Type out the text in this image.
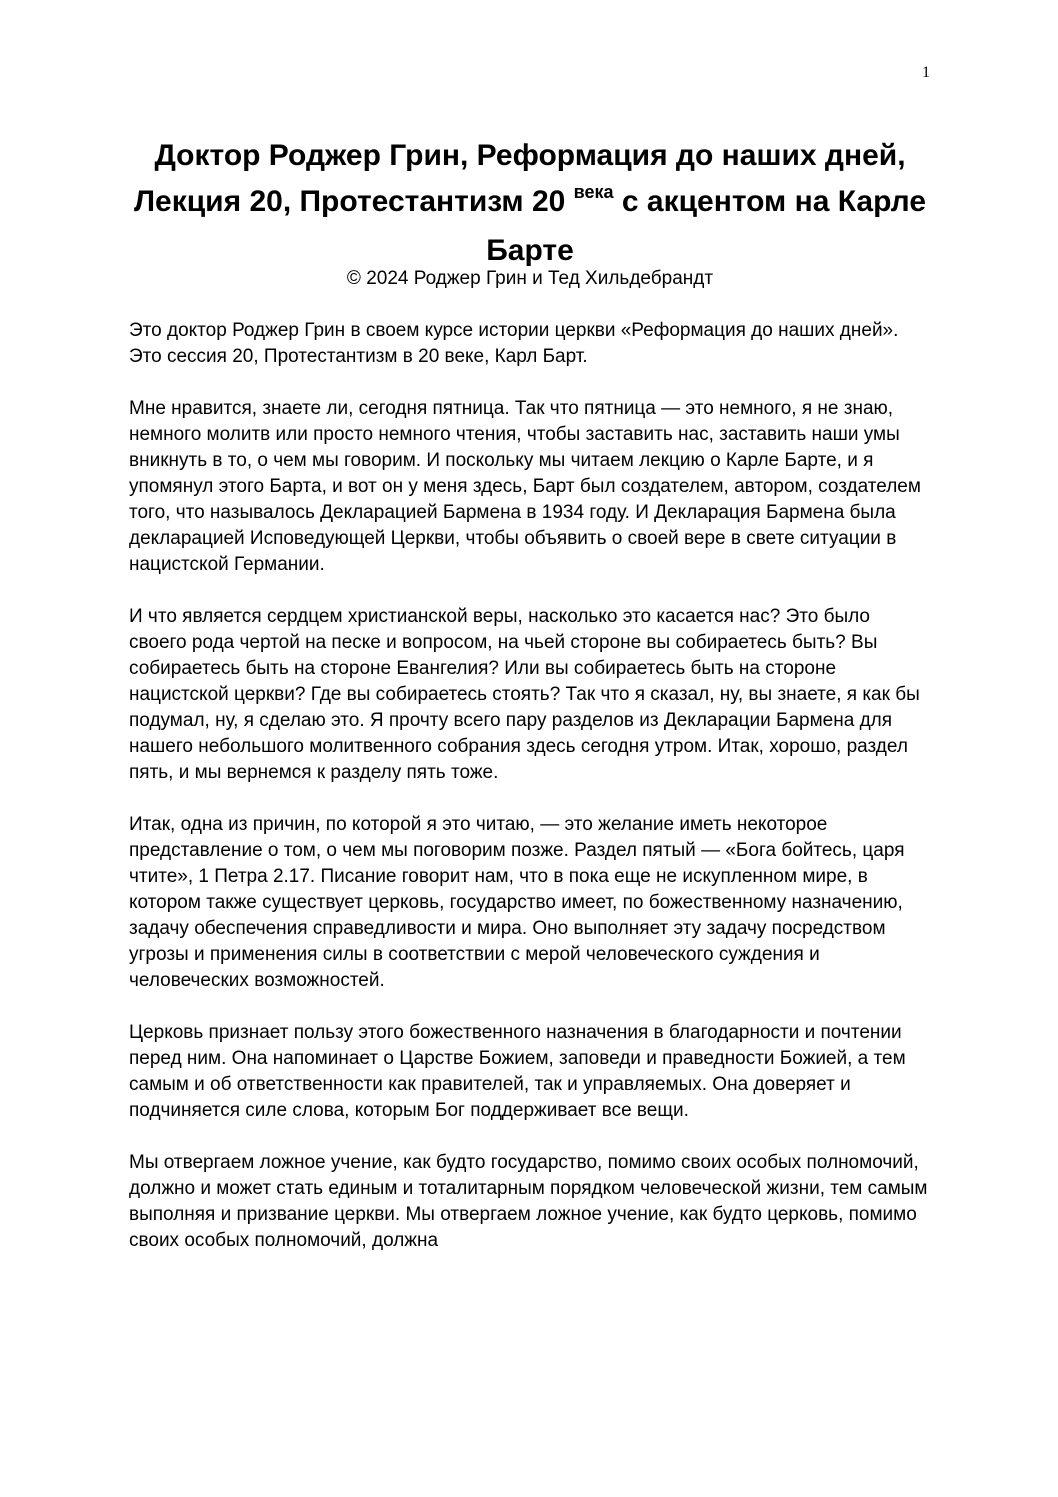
1
Доктор Роджер Грин, Реформация до наших дней, Лекция 20, Протестантизм 20 $^{века}$ с акцентом на Карле Барте
© 2024 Роджер Грин и Тед Хильдебрандт

Это доктор Роджер Грин в своем курсе истории церкви «Реформация до наших дней». Это сессия 20, Протестантизм в 20 веке, Карл Барт.

Мне нравится, знаете ли, сегодня пятница. Так что пятница — это немного, я не знаю, немного молитв или просто немного чтения, чтобы заставить нас, заставить наши умы вникнуть в то, о чем мы говорим. И поскольку мы читаем лекцию о Карле Барте, и я упомянул этого Барта, и вот он у меня здесь, Барт был создателем, автором, создателем того, что называлось Декларацией Бармена в 1934 году. И Декларация Бармена была декларацией Исповедующей Церкви, чтобы объявить о своей вере в свете ситуации в нацистской Германии.

И что является сердцем христианской веры, насколько это касается нас? Это было своего рода чертой на песке и вопросом, на чьей стороне вы собираетесь быть? Вы собираетесь быть на стороне Евангелия? Или вы собираетесь быть на стороне нацистской церкви? Где вы собираетесь стоять? Так что я сказал, ну, вы знаете, я как бы подумал, ну, я сделаю это. Я прочту всего пару разделов из Декларации Бармена для нашего небольшого молитвенного собрания здесь сегодня утром. Итак, хорошо, раздел пять, и мы вернемся к разделу пять тоже.

Итак, одна из причин, по которой я это читаю, — это желание иметь некоторое представление о том, о чем мы поговорим позже. Раздел пятый — «Бога бойтесь, царя чтите», 1 Петра 2.17. Писание говорит нам, что в пока еще не искупленном мире, в котором также существует церковь, государство имеет, по божественному назначению, задачу обеспечения справедливости и мира. Оно выполняет эту задачу посредством угрозы и применения силы в соответствии с мерой человеческого суждения и человеческих возможностей.

Церковь признает пользу этого божественного назначения в благодарности и почтении перед ним. Она напоминает о Царстве Божием, заповеди и праведности Божией, а тем самым и об ответственности как правителей, так и управляемых. Она доверяет и подчиняется силе слова, которым Бог поддерживает все вещи.

Мы отвергаем ложное учение, как будто государство, помимо своих особых полномочий, должно и может стать единым и тоталитарным порядком человеческой жизни, тем самым выполняя и призвание церкви. Мы отвергаем ложное учение, как будто церковь, помимо своих особых полномочий, должна
